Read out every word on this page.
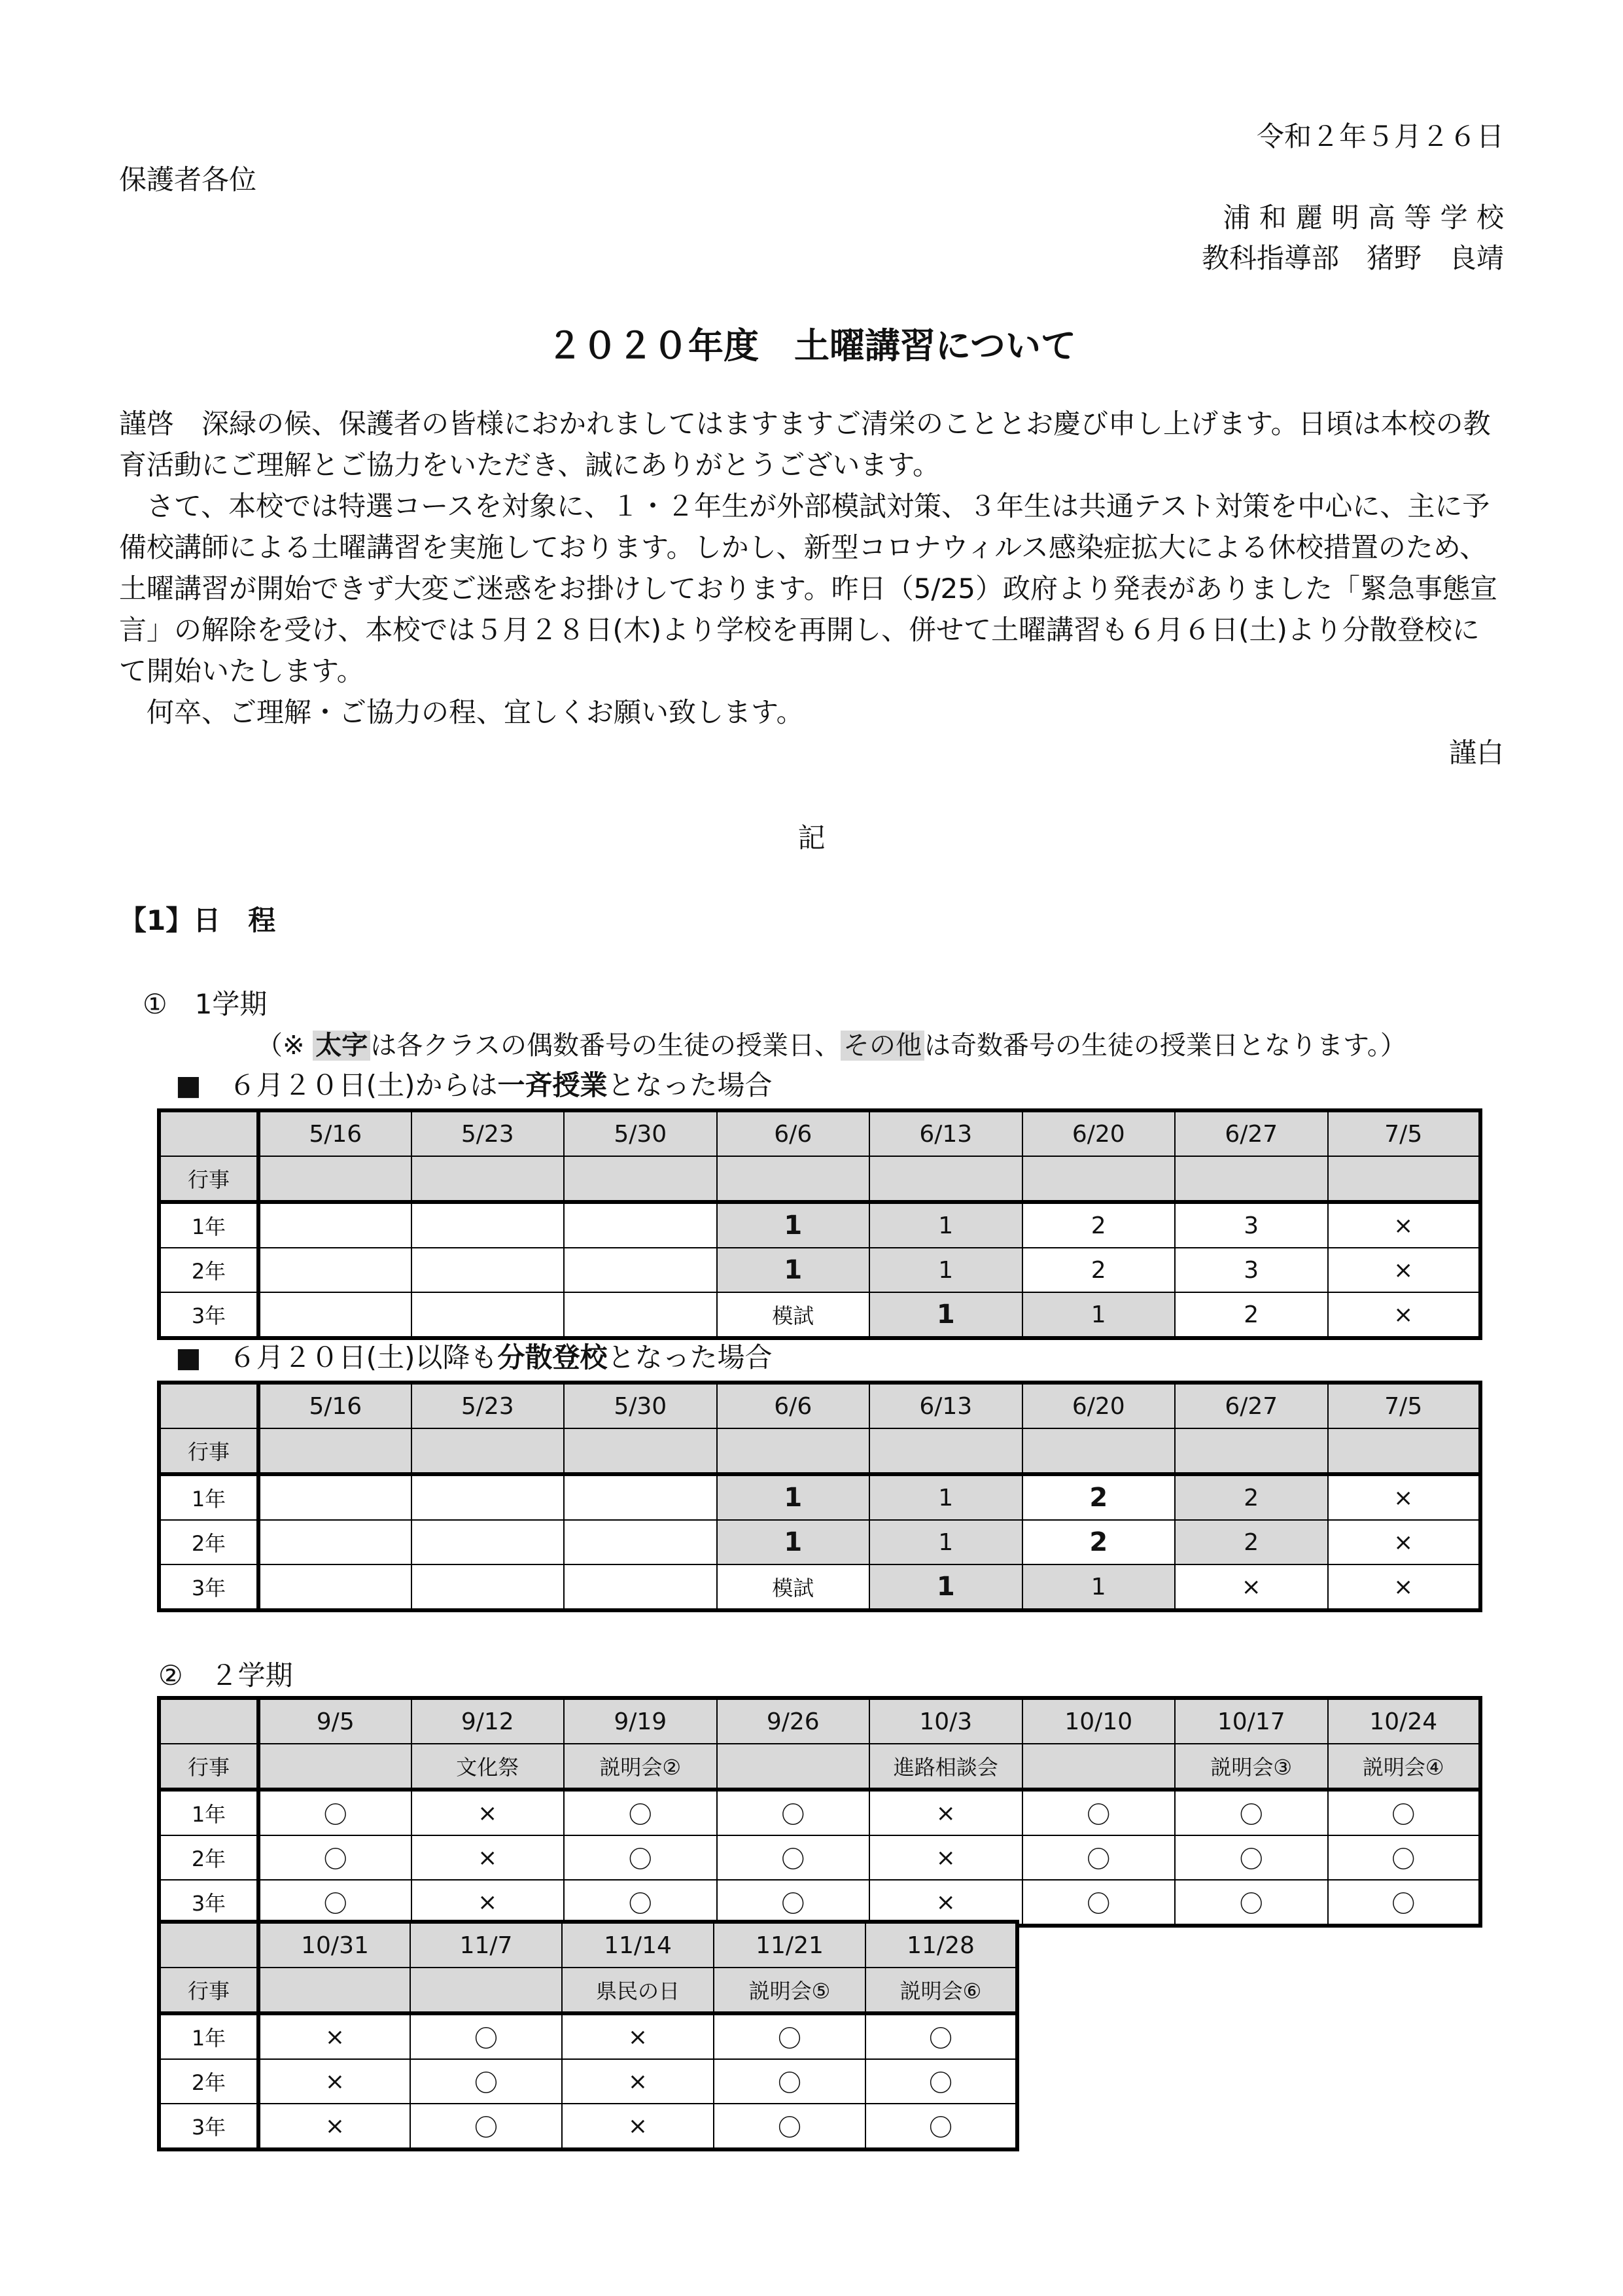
令和２年５月２６日
保護者各位
浦 和 麗 明 高 等 学 校
教科指導部　猪野　良靖
２０２０年度　土曜講習について

謹啓　深緑の候、保護者の皆様におかれましてはますますご清栄のこととお慶び申し上げます。日頃は本校の教育活動にご理解とご協力をいただき、誠にありがとうございます。

　さて、本校では特選コースを対象に、１・２年生が外部模試対策、３年生は共通テスト対策を中心に、主に予備校講師による土曜講習を実施しております。しかし、新型コロナウィルス感染症拡大による休校措置のため、土曜講習が開始できず大変ご迷惑をお掛けしております。昨日（5/25）政府より発表がありました「緊急事態宣言」の解除を受け、本校では５月２８日(木)より学校を再開し、併せて土曜講習も６月６日(土)より分散登校にて開始いたします。

　何卒、ご理解・ご協力の程、宜しくお願い致します。

謹白
記
【1】日　程
①　1学期
（※ 太字 は各クラスの偶数番号の生徒の授業日、 その他 は奇数番号の生徒の授業日となります。）
■　６月２０日(土)からは一斉授業となった場合
	5/16	5/23	5/30	6/6	6/13	6/20	6/27	7/5
行事								
1年				1	1	2	3	×
2年				1	1	2	3	×
3年				模試	1	1	2	×
■　６月２０日(土)以降も分散登校となった場合
	5/16	5/23	5/30	6/6	6/13	6/20	6/27	7/5
行事								
1年				1	1	2	2	×
2年				1	1	2	2	×
3年				模試	1	1	×	×
②　２学期
	9/5	9/12	9/19	9/26	10/3	10/10	10/17	10/24
行事		文化祭	説明会②		進路相談会		説明会③	説明会④
1年	〇	×	〇	〇	×	〇	〇	〇
2年	〇	×	〇	〇	×	〇	〇	〇
3年	〇	×	〇	〇	×	〇	〇	〇
	10/31	11/7	11/14	11/21	11/28
行事			県民の日	説明会⑤	説明会⑥
1年	×	〇	×	〇	〇
2年	×	〇	×	〇	〇
3年	×	〇	×	〇	〇
